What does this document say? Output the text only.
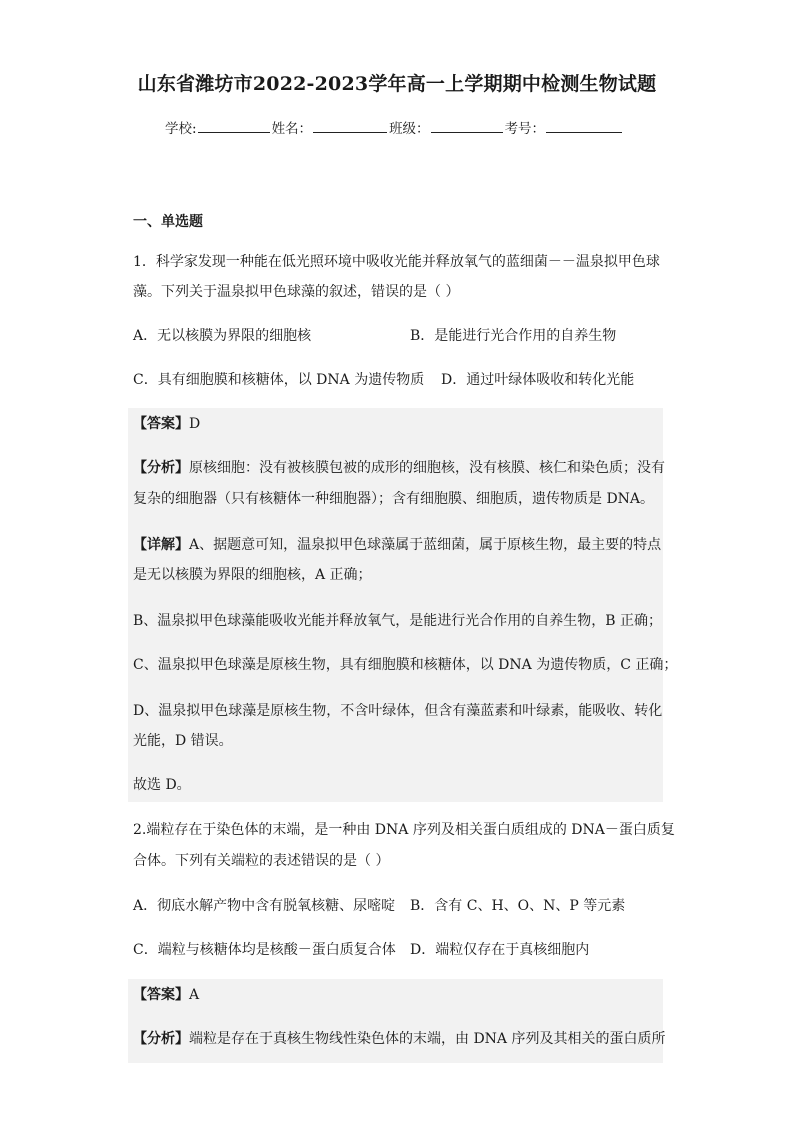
山东省潍坊市2022-2023学年高一上学期期中检测生物试题
学校:	姓名：	班级：	考号：
一、单选题
1．科学家发现一种能在低光照环境中吸收光能并释放氧气的蓝细菌－－温泉拟甲色球
藻。下列关于温泉拟甲色球藻的叙述，错误的是（ ）
A．无以核膜为界限的细胞核	B．是能进行光合作用的自养生物
C．具有细胞膜和核糖体，以 DNA 为遗传物质 D．通过叶绿体吸收和转化光能
【答案】D
【分析】原核细胞：没有被核膜包被的成形的细胞核，没有核膜、核仁和染色质；没有
复杂的细胞器（只有核糖体一种细胞器）；含有细胞膜、细胞质，遗传物质是 DNA。
【详解】A、据题意可知，温泉拟甲色球藻属于蓝细菌，属于原核生物，最主要的特点
是无以核膜为界限的细胞核，A 正确；
B、温泉拟甲色球藻能吸收光能并释放氧气，是能进行光合作用的自养生物，B 正确；
C、温泉拟甲色球藻是原核生物，具有细胞膜和核糖体，以 DNA 为遗传物质，C 正确；
D、温泉拟甲色球藻是原核生物，不含叶绿体，但含有藻蓝素和叶绿素，能吸收、转化
光能，D 错误。
故选 D。
2.端粒存在于染色体的末端，是一种由 DNA 序列及相关蛋白质组成的 DNA－蛋白质复
合体。下列有关端粒的表述错误的是（ ）
A．彻底水解产物中含有脱氧核糖、尿嘧啶 B．含有 C、H、O、N、P 等元素
C．端粒与核糖体均是核酸－蛋白质复合体 D．端粒仅存在于真核细胞内
【答案】A
【分析】端粒是存在于真核生物线性染色体的末端，由 DNA 序列及其相关的蛋白质所
